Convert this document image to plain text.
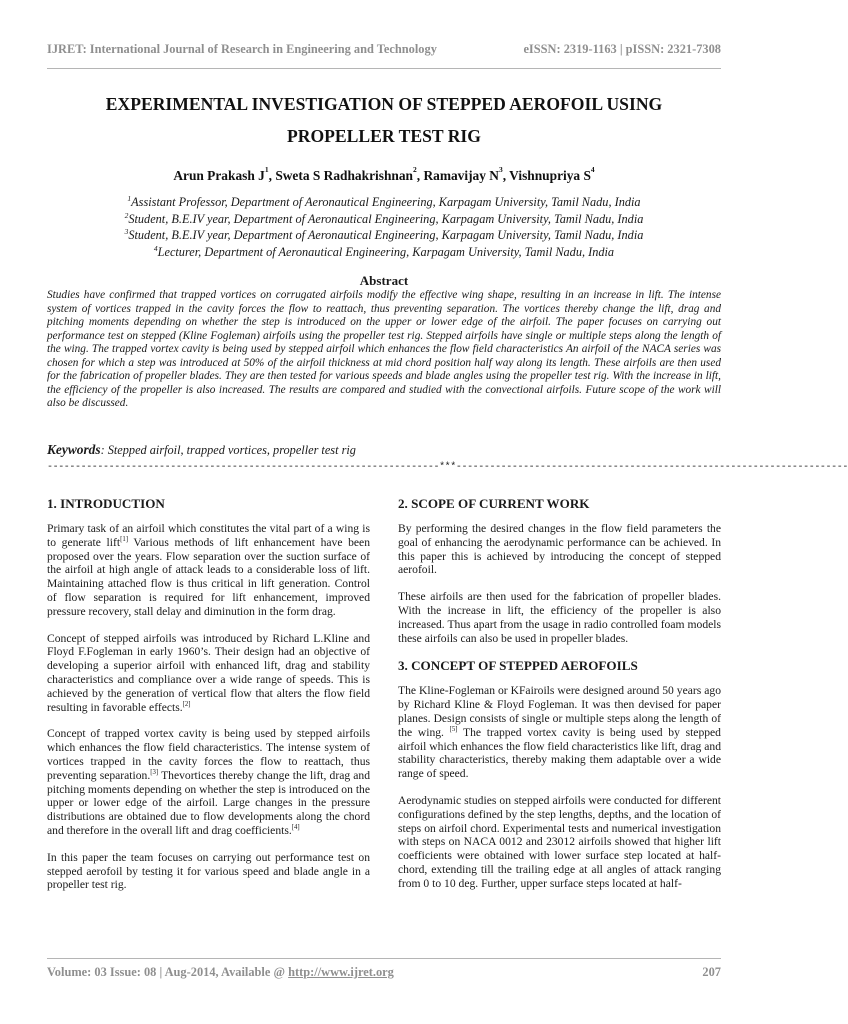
IJRET: International Journal of Research in Engineering and Technology	eISSN: 2319-1163 | pISSN: 2321-7308
EXPERIMENTAL INVESTIGATION OF STEPPED AEROFOIL USING
PROPELLER TEST RIG
Arun Prakash $J^1$, Sweta S Radhakrishnan$^2$, Ramavijay $N^3$, Vishnupriya $S^4$
$^1$Assistant Professor, Department of Aeronautical Engineering, Karpagam University, Tamil Nadu, India
$^2$Student, B.E.IV year, Department of Aeronautical Engineering, Karpagam University, Tamil Nadu, India
$^3$Student, B.E.IV year, Department of Aeronautical Engineering, Karpagam University, Tamil Nadu, India
$^4$Lecturer, Department of Aeronautical Engineering, Karpagam University, Tamil Nadu, India
Abstract
Studies have confirmed that trapped vortices on corrugated airfoils modify the effective wing shape, resulting in an increase in lift. The intense system of vortices trapped in the cavity forces the flow to reattach, thus preventing separation. The vortices thereby change the lift, drag and pitching moments depending on whether the step is introduced on the upper or lower edge of the airfoil. The paper focuses on carrying out performance test on stepped (Kline Fogleman) airfoils using the propeller test rig. Stepped airfoils have single or multiple steps along the length of the wing. The trapped vortex cavity is being used by stepped airfoil which enhances the flow field characteristics An airfoil of the NACA series was chosen for which a step was introduced at 50% of the airfoil thickness at mid chord position half way along its length. These airfoils are then used for the fabrication of propeller blades. They are then tested for various speeds and blade angles using the propeller test rig. With the increase in lift, the efficiency of the propeller is also increased. The results are compared and studied with the convectional airfoils. Future scope of the work will also be discussed.
Keywords: Stepped airfoil, trapped vortices, propeller test rig
----------------------------------------------------------------------***----------------------------------------------------------------------
1. INTRODUCTION

Primary task of an airfoil which constitutes the vital part of a wing is to generate lift[1] Various methods of lift enhancement have been proposed over the years. Flow separation over the suction surface of the airfoil at high angle of attack leads to a considerable loss of lift. Maintaining attached flow is thus critical in lift generation. Control of flow separation is required for lift enhancement, improved pressure recovery, stall delay and diminution in the form drag.

Concept of stepped airfoils was introduced by Richard L.Kline and Floyd F.Fogleman in early 1960’s. Their design had an objective of developing a superior airfoil with enhanced lift, drag and stability characteristics and compliance over a wide range of speeds. This is achieved by the generation of vertical flow that alters the flow field resulting in favorable effects.[2]

Concept of trapped vortex cavity is being used by stepped airfoils which enhances the flow field characteristics. The intense system of vortices trapped in the cavity forces the flow to reattach, thus preventing separation.[3] Thevortices thereby change the lift, drag and pitching moments depending on whether the step is introduced on the upper or lower edge of the airfoil. Large changes in the pressure distributions are obtained due to flow developments along the chord and therefore in the overall lift and drag coefficients.[4]

In this paper the team focuses on carrying out performance test on stepped aerofoil by testing it for various speed and blade angle in a propeller test rig.

2. SCOPE OF CURRENT WORK

By performing the desired changes in the flow field parameters the goal of enhancing the aerodynamic performance can be achieved. In this paper this is achieved by introducing the concept of stepped aerofoil.

These airfoils are then used for the fabrication of propeller blades. With the increase in lift, the efficiency of the propeller is also increased. Thus apart from the usage in radio controlled foam models these airfoils can also be used in propeller blades.

3. CONCEPT OF STEPPED AEROFOILS

The Kline-Fogleman or KFairoils were designed around 50 years ago by Richard Kline & Floyd Fogleman. It was then devised for paper planes. Design consists of single or multiple steps along the length of the wing. [5] The trapped vortex cavity is being used by stepped airfoil which enhances the flow field characteristics like lift, drag and stability characteristics, thereby making them adaptable over a wide range of speed.

Aerodynamic studies on stepped airfoils were conducted for different configurations defined by the step lengths, depths, and the location of steps on airfoil chord. Experimental tests and numerical investigation with steps on NACA 0012 and 23012 airfoils showed that higher lift coefficients were obtained with lower surface step located at half-chord, extending till the trailing edge at all angles of attack ranging from 0 to 10 deg. Further, upper surface steps located at half-

Volume: 03 Issue: 08 | Aug-2014, Available @ http://www.ijret.org	207
